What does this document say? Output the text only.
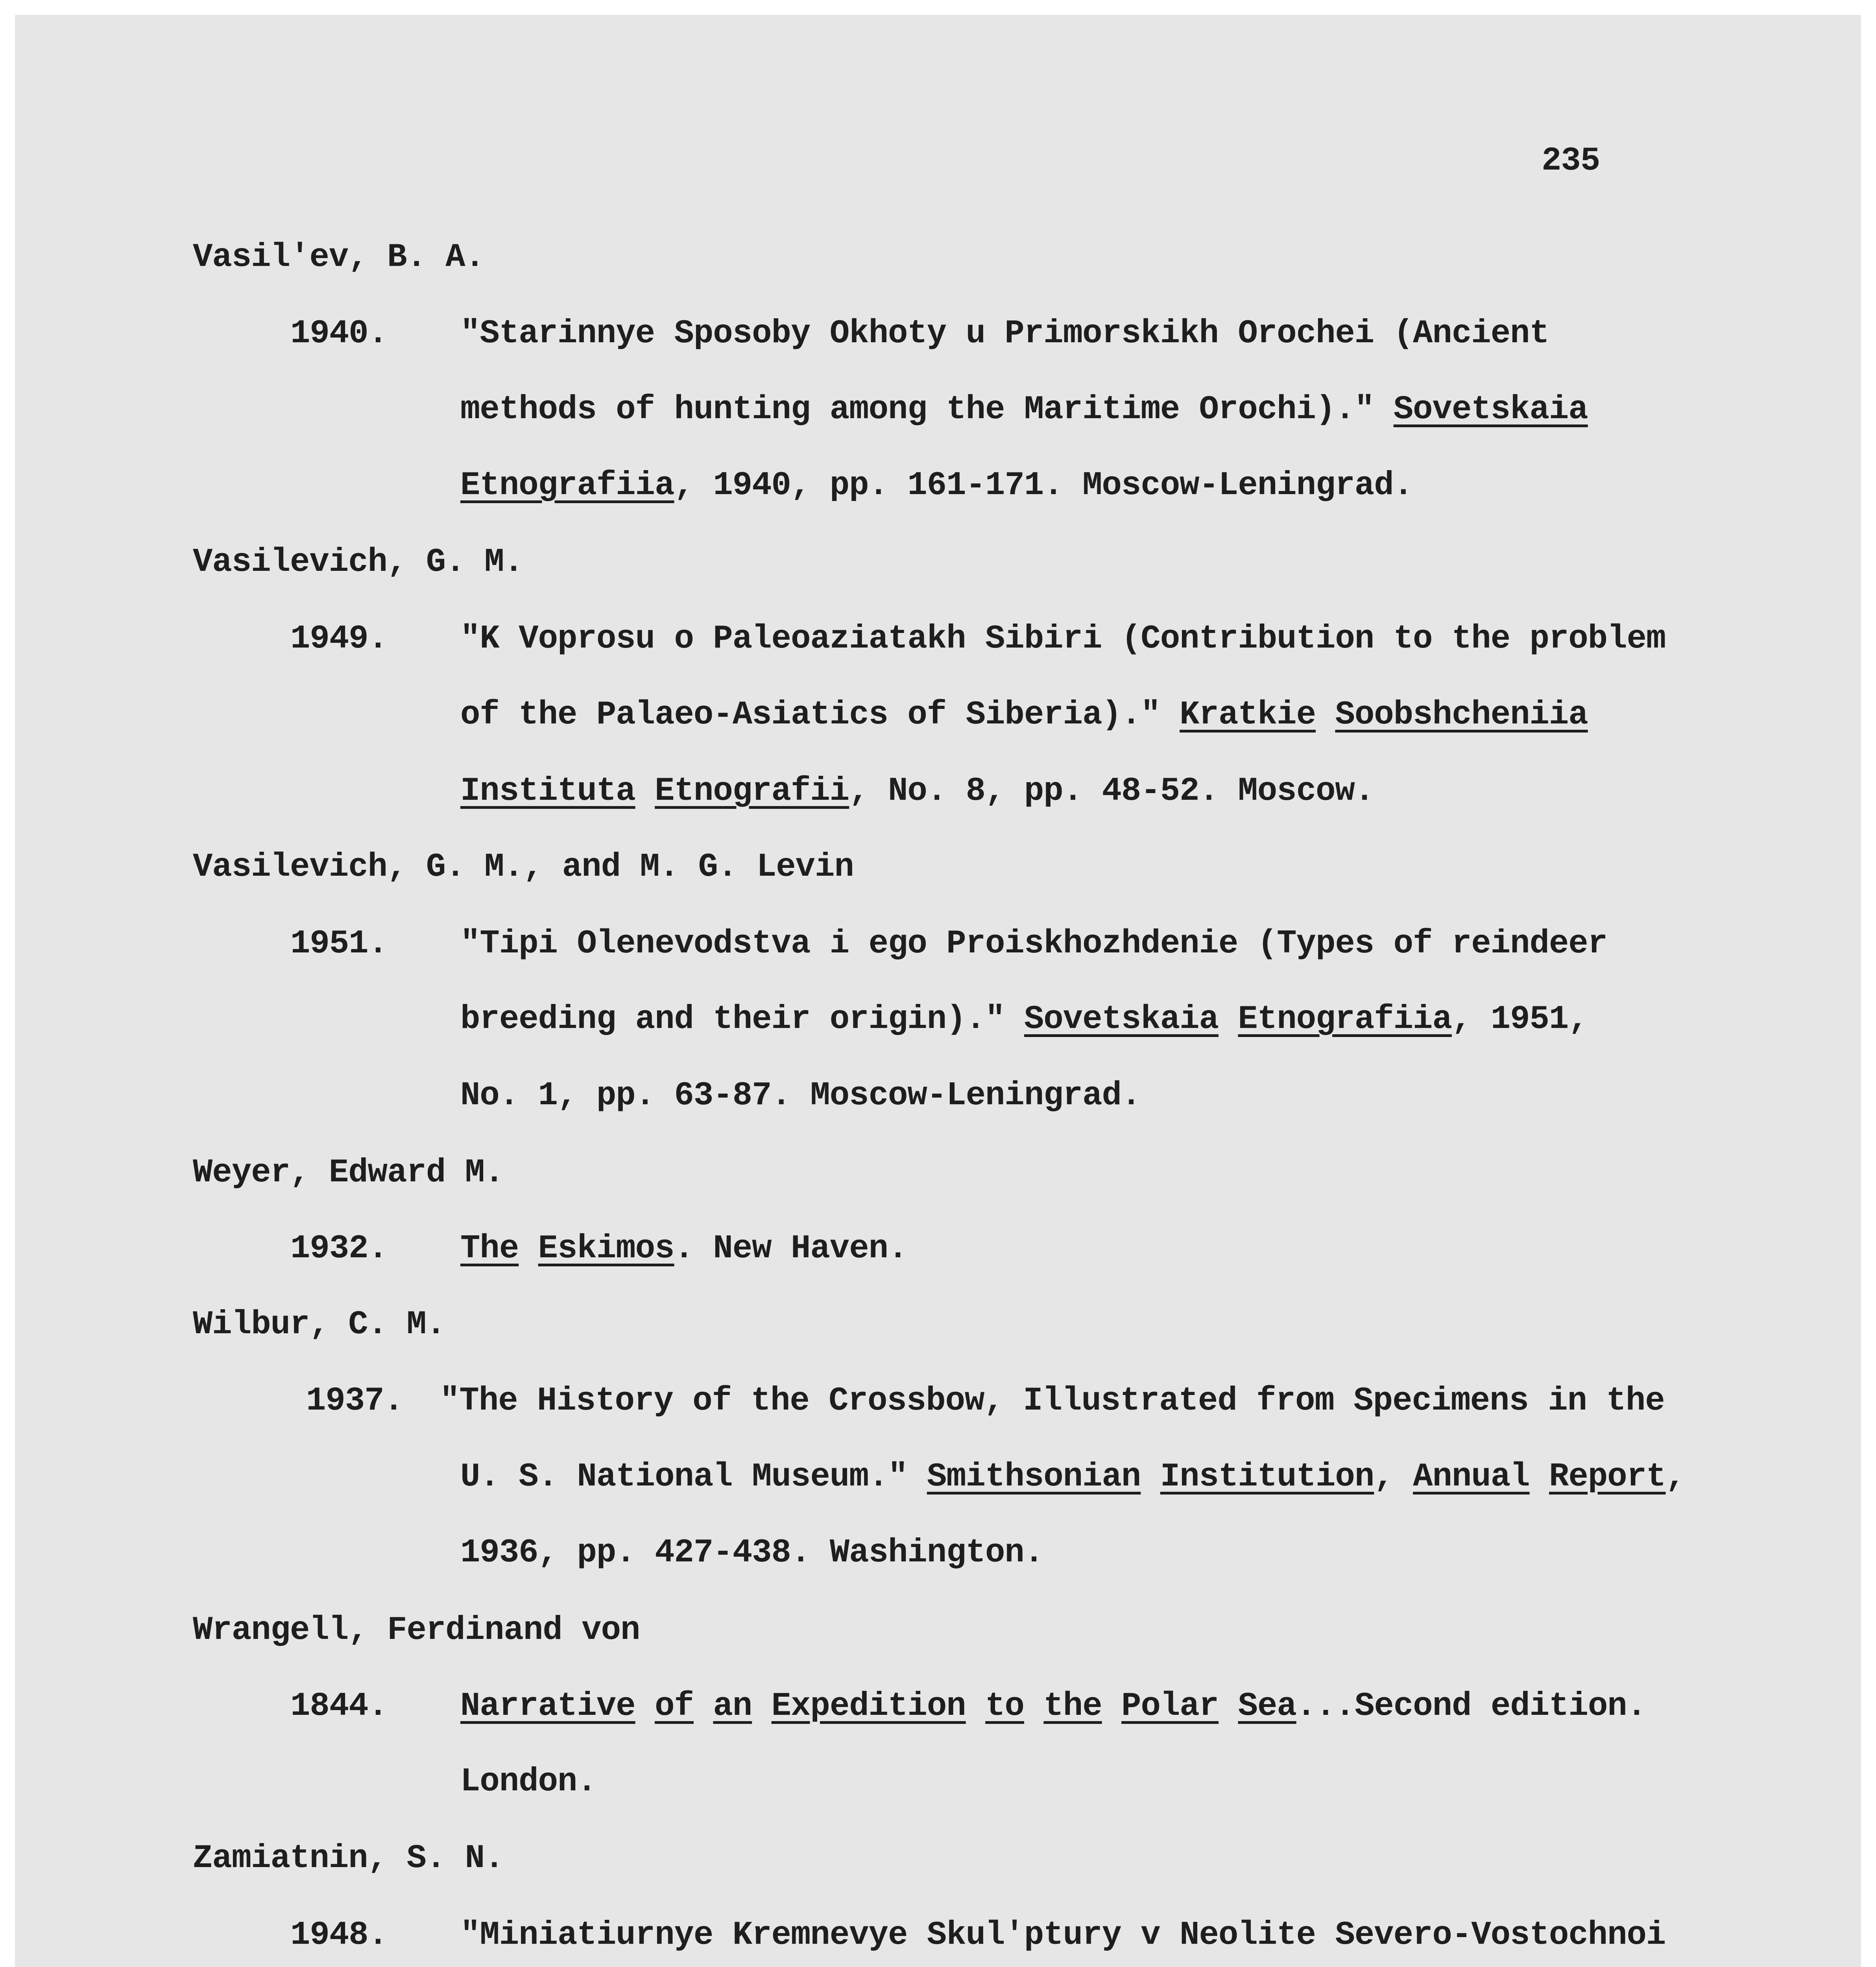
235
Vasil'ev, B. A.
1940. "Starinnye Sposoby Okhoty u Primorskikh Orochei (Ancient
methods of hunting among the Maritime Orochi)." Sovetskaia
Etnografiia, 1940, pp. 161-171. Moscow-Leningrad.
Vasilevich, G. M.
1949. "K Voprosu o Paleoaziatakh Sibiri (Contribution to the problem
of the Palaeo-Asiatics of Siberia)." Kratkie Soobshcheniia
Instituta Etnografii, No. 8, pp. 48-52. Moscow.
Vasilevich, G. M., and M. G. Levin
1951. "Tipi Olenevodstva i ego Proiskhozhdenie (Types of reindeer
breeding and their origin)." Sovetskaia Etnografiia, 1951,
No. 1, pp. 63-87. Moscow-Leningrad.
Weyer, Edward M.
1932. The Eskimos. New Haven.
Wilbur, C. M.
1937. "The History of the Crossbow, Illustrated from Specimens in the
U. S. National Museum." Smithsonian Institution, Annual Report,
1936, pp. 427-438. Washington.
Wrangell, Ferdinand von
1844. Narrative of an Expedition to the Polar Sea...Second edition.
London.
Zamiatnin, S. N.
1948. "Miniatiurnye Kremnevye Skul'ptury v Neolite Severo-Vostochnoi
